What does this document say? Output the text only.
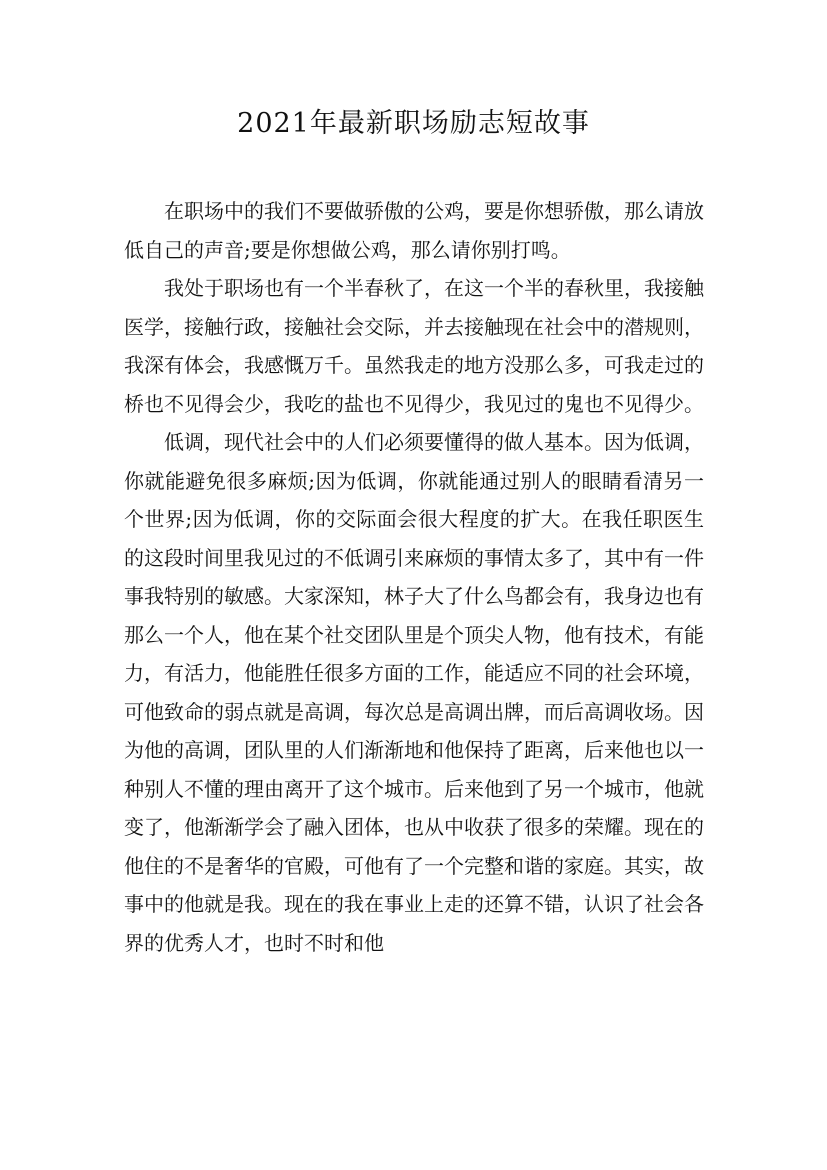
2021年最新职场励志短故事

在职场中的我们不要做骄傲的公鸡，要是你想骄傲，那么请放低自己的声音;要是你想做公鸡，那么请你别打鸣。

我处于职场也有一个半春秋了，在这一个半的春秋里，我接触医学，接触行政，接触社会交际，并去接触现在社会中的潜规则，我深有体会，我感慨万千。虽然我走的地方没那么多，可我走过的桥也不见得会少，我吃的盐也不见得少，我见过的鬼也不见得少。

低调，现代社会中的人们必须要懂得的做人基本。因为低调，你就能避免很多麻烦;因为低调，你就能通过别人的眼睛看清另一个世界;因为低调，你的交际面会很大程度的扩大。在我任职医生的这段时间里我见过的不低调引来麻烦的事情太多了，其中有一件事我特别的敏感。大家深知，林子大了什么鸟都会有，我身边也有那么一个人，他在某个社交团队里是个顶尖人物，他有技术，有能力，有活力，他能胜任很多方面的工作，能适应不同的社会环境，可他致命的弱点就是高调，每次总是高调出牌，而后高调收场。因为他的高调，团队里的人们渐渐地和他保持了距离，后来他也以一种别人不懂的理由离开了这个城市。后来他到了另一个城市，他就变了，他渐渐学会了融入团体，也从中收获了很多的荣耀。现在的他住的不是奢华的官殿，可他有了一个完整和谐的家庭。其实，故事中的他就是我。现在的我在事业上走的还算不错，认识了社会各界的优秀人才，也时不时和他
